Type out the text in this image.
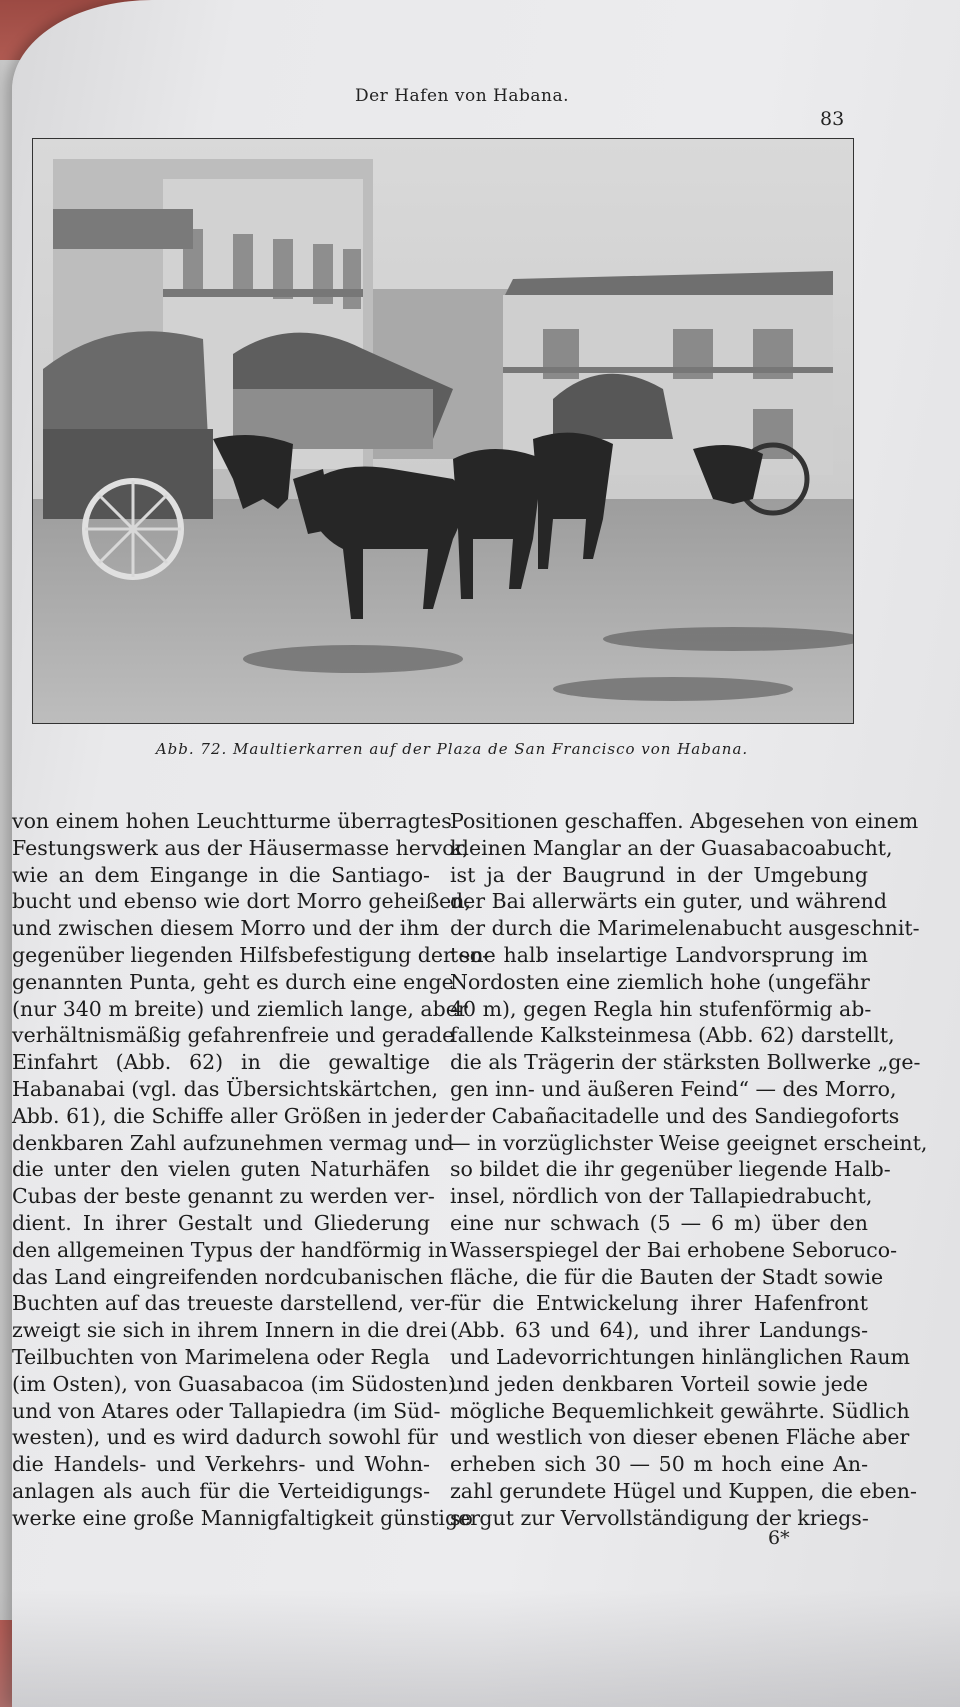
Der Hafen von Habana.
83
Abb. 72. Maultierkarren auf der Plaza de San Francisco von Habana.
von einem hohen Leuchtturme überragtes
Festungswerk aus der Häusermasse hervor,
wie an dem Eingange in die Santiago-
bucht und ebenso wie dort Morro geheißen,
und zwischen diesem Morro und der ihm
gegenüber liegenden Hilfsbefestigung der so-
genannten Punta, geht es durch eine enge
(nur 340 m breite) und ziemlich lange, aber
verhältnismäßig gefahrenfreie und gerade
Einfahrt (Abb. 62) in die gewaltige
Habanabai (vgl. das Übersichtskärtchen,
Abb. 61), die Schiffe aller Größen in jeder
denkbaren Zahl aufzunehmen vermag und
die unter den vielen guten Naturhäfen
Cubas der beste genannt zu werden ver-
dient. In ihrer Gestalt und Gliederung
den allgemeinen Typus der handförmig in
das Land eingreifenden nordcubanischen
Buchten auf das treueste darstellend, ver-
zweigt sie sich in ihrem Innern in die drei
Teilbuchten von Marimelena oder Regla
(im Osten), von Guasabacoa (im Südosten)
und von Atares oder Tallapiedra (im Süd-
westen), und es wird dadurch sowohl für
die Handels- und Verkehrs- und Wohn-
anlagen als auch für die Verteidigungs-
werke eine große Mannigfaltigkeit günstiger
Positionen geschaffen. Abgesehen von einem
kleinen Manglar an der Guasabacoabucht,
ist ja der Baugrund in der Umgebung
der Bai allerwärts ein guter, und während
der durch die Marimelenabucht ausgeschnit-
tene halb inselartige Landvorsprung im
Nordosten eine ziemlich hohe (ungefähr
40 m), gegen Regla hin stufenförmig ab-
fallende Kalksteinmesa (Abb. 62) darstellt,
die als Trägerin der stärksten Bollwerke „ge-
gen inn- und äußeren Feind“ — des Morro,
der Cabañacitadelle und des Sandiegoforts
— in vorzüglichster Weise geeignet erscheint,
so bildet die ihr gegenüber liegende Halb-
insel, nördlich von der Tallapiedrabucht,
eine nur schwach (5 — 6 m) über den
Wasserspiegel der Bai erhobene Seboruco-
fläche, die für die Bauten der Stadt sowie
für die Entwickelung ihrer Hafenfront
(Abb. 63 und 64), und ihrer Landungs-
und Ladevorrichtungen hinlänglichen Raum
und jeden denkbaren Vorteil sowie jede
mögliche Bequemlichkeit gewährte. Südlich
und westlich von dieser ebenen Fläche aber
erheben sich 30 — 50 m hoch eine An-
zahl gerundete Hügel und Kuppen, die eben-
so gut zur Vervollständigung der kriegs-
6*
